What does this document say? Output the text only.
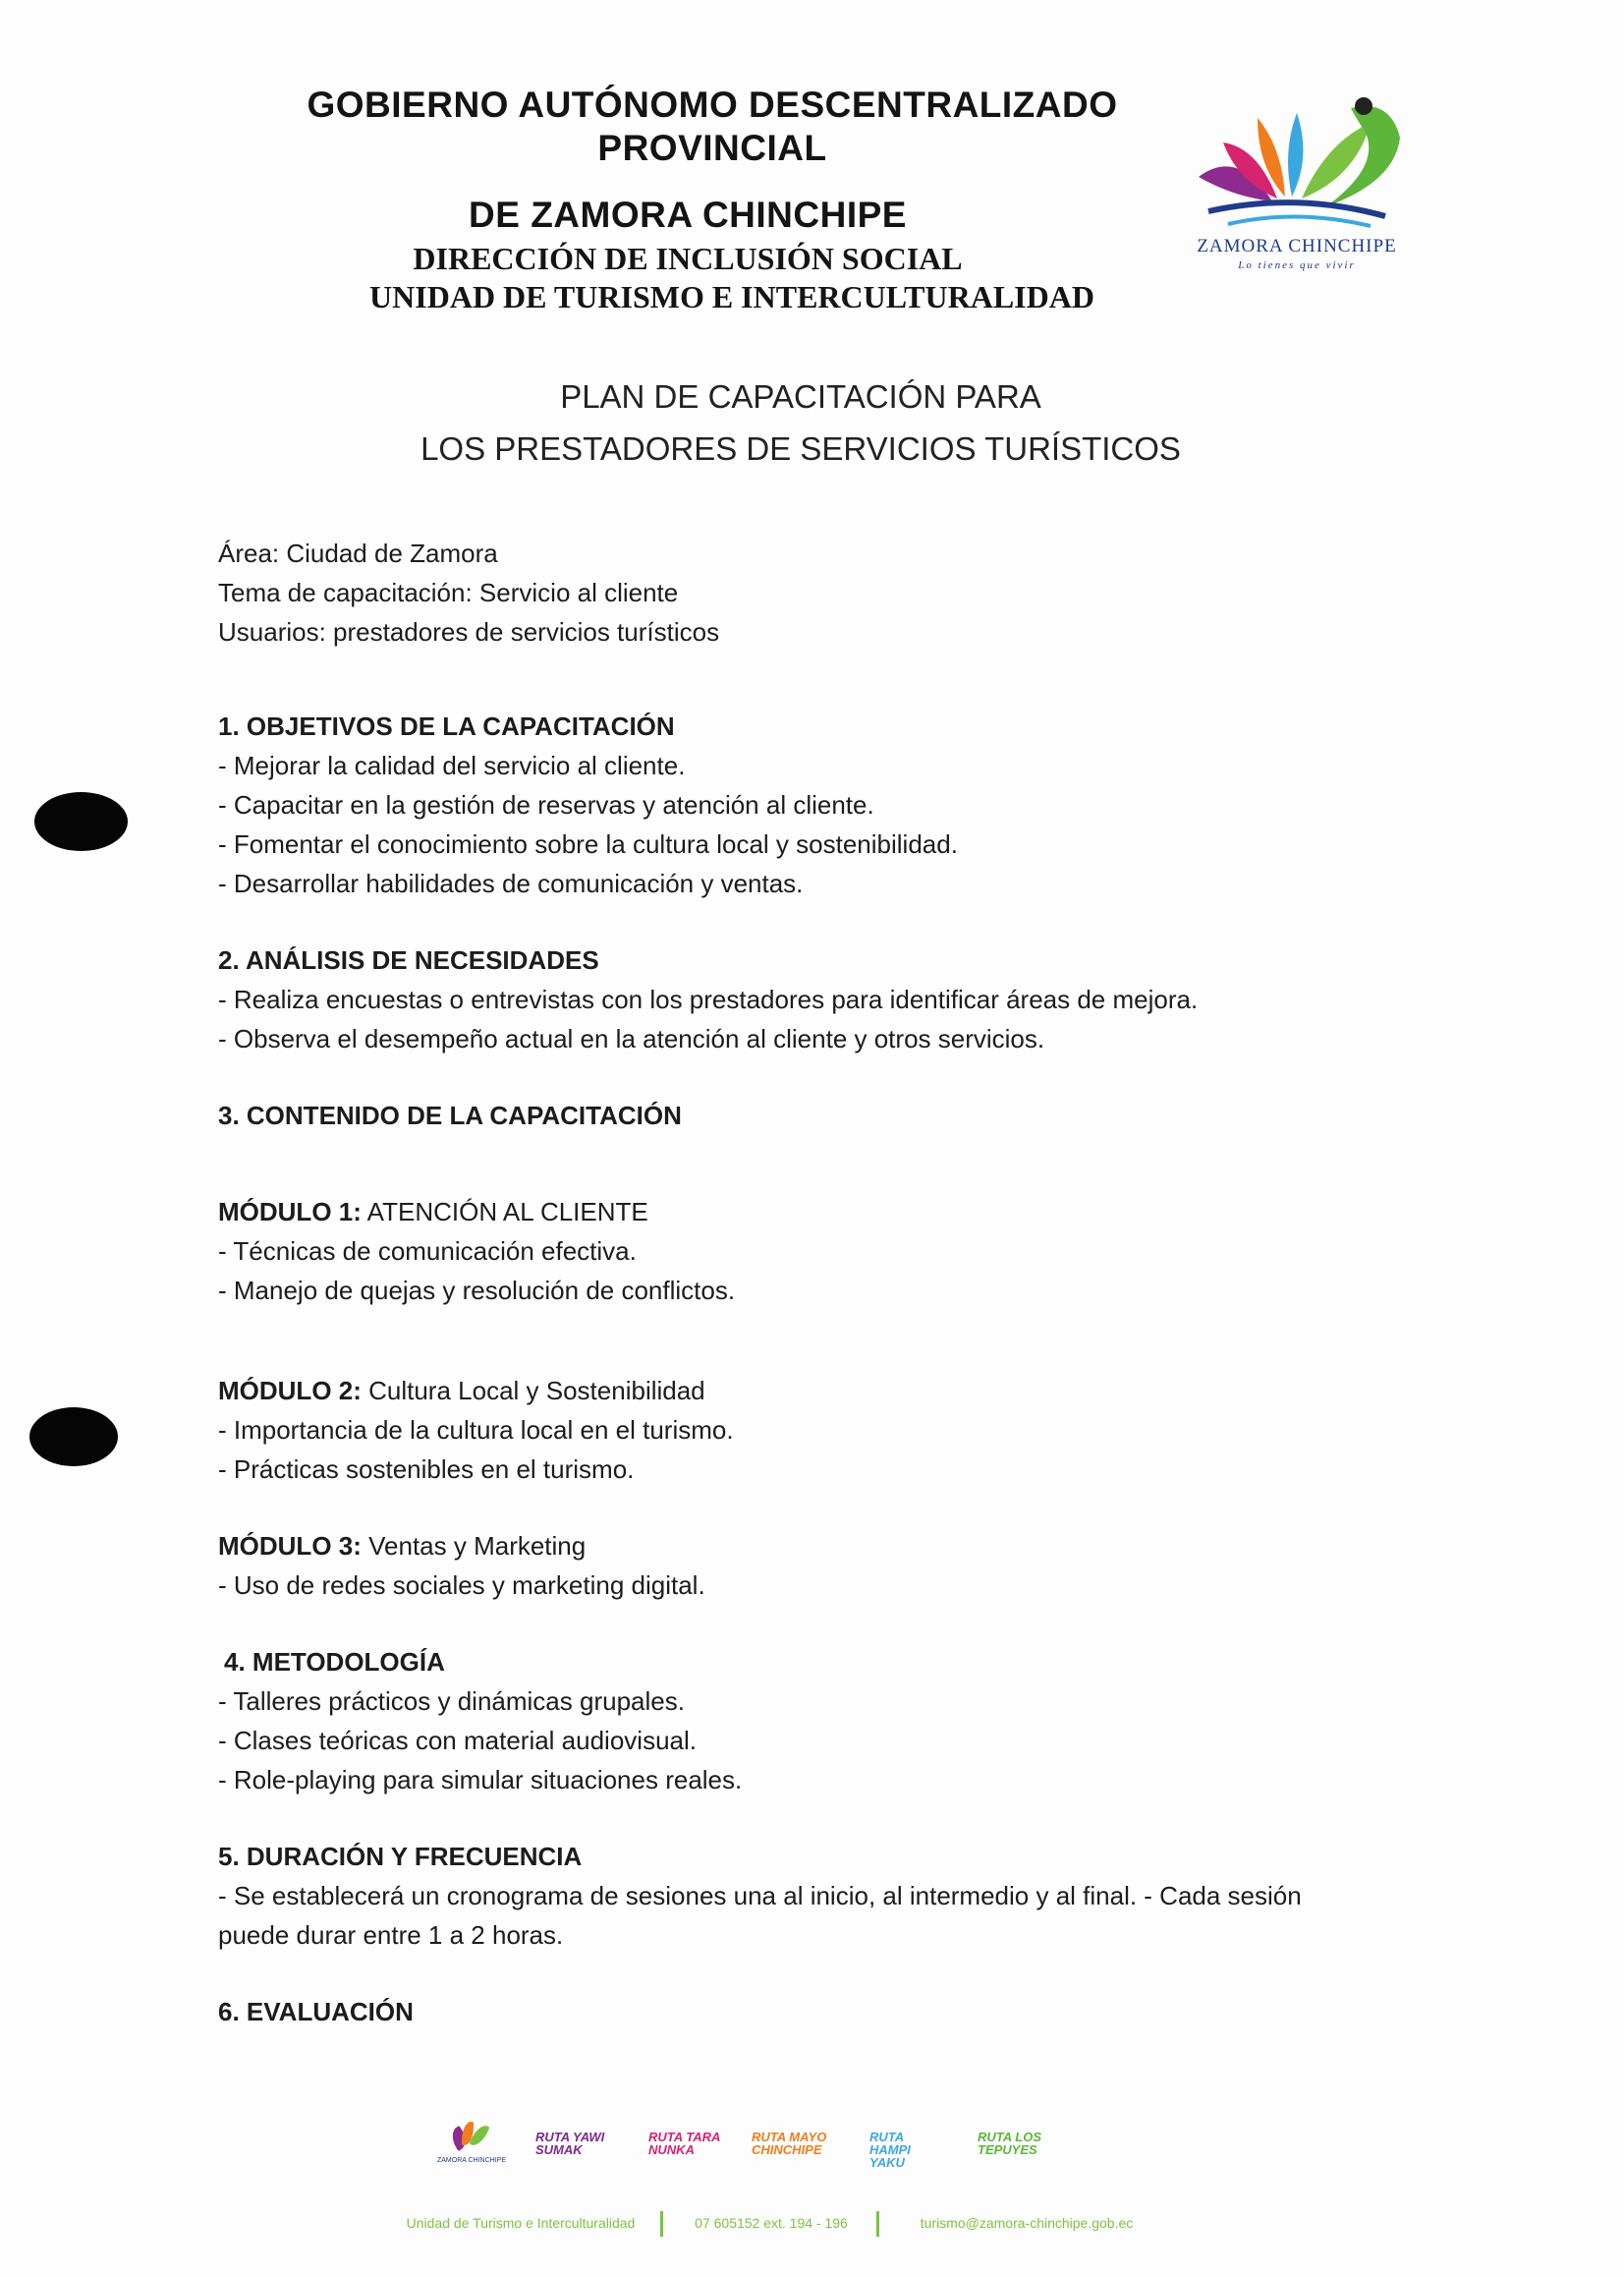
GOBIERNO AUTÓNOMO DESCENTRALIZADO
PROVINCIAL
DE ZAMORA CHINCHIPE
DIRECCIÓN DE INCLUSIÓN SOCIAL
UNIDAD DE TURISMO E INTERCULTURALIDAD
ZAMORA CHINCHIPE
Lo tienes que vivir
PLAN DE CAPACITACIÓN PARA
LOS PRESTADORES DE SERVICIOS TURÍSTICOS

Área: Ciudad de Zamora

Tema de capacitación: Servicio al cliente

Usuarios: prestadores de servicios turísticos

1. OBJETIVOS DE LA CAPACITACIÓN

- Mejorar la calidad del servicio al cliente.

- Capacitar en la gestión de reservas y atención al cliente.

- Fomentar el conocimiento sobre la cultura local y sostenibilidad.

- Desarrollar habilidades de comunicación y ventas.

2. ANÁLISIS DE NECESIDADES

- Realiza encuestas o entrevistas con los prestadores para identificar áreas de mejora.

- Observa el desempeño actual en la atención al cliente y otros servicios.

3. CONTENIDO DE LA CAPACITACIÓN

MÓDULO 1: ATENCIÓN AL CLIENTE

- Técnicas de comunicación efectiva.

- Manejo de quejas y resolución de conflictos.

MÓDULO 2: Cultura Local y Sostenibilidad

- Importancia de la cultura local en el turismo.

- Prácticas sostenibles en el turismo.

MÓDULO 3: Ventas y Marketing

- Uso de redes sociales y marketing digital.

4. METODOLOGÍA

- Talleres prácticos y dinámicas grupales.

- Clases teóricas con material audiovisual.

- Role-playing para simular situaciones reales.

5. DURACIÓN Y FRECUENCIA

- Se establecerá un cronograma de sesiones una al inicio, al intermedio y al final. - Cada sesión

puede durar entre 1 a 2 horas.

6. EVALUACIÓN

ZAMORA CHINCHIPE
RUTA YAWI SUMAK
RUTA TARA NUNKA
RUTA MAYO CHINCHIPE
RUTA HAMPI YAKU
RUTA LOS TEPUYES
Unidad de Turismo e Interculturalidad	07 605152 ext. 194 - 196	turismo@zamora-chinchipe.gob.ec
